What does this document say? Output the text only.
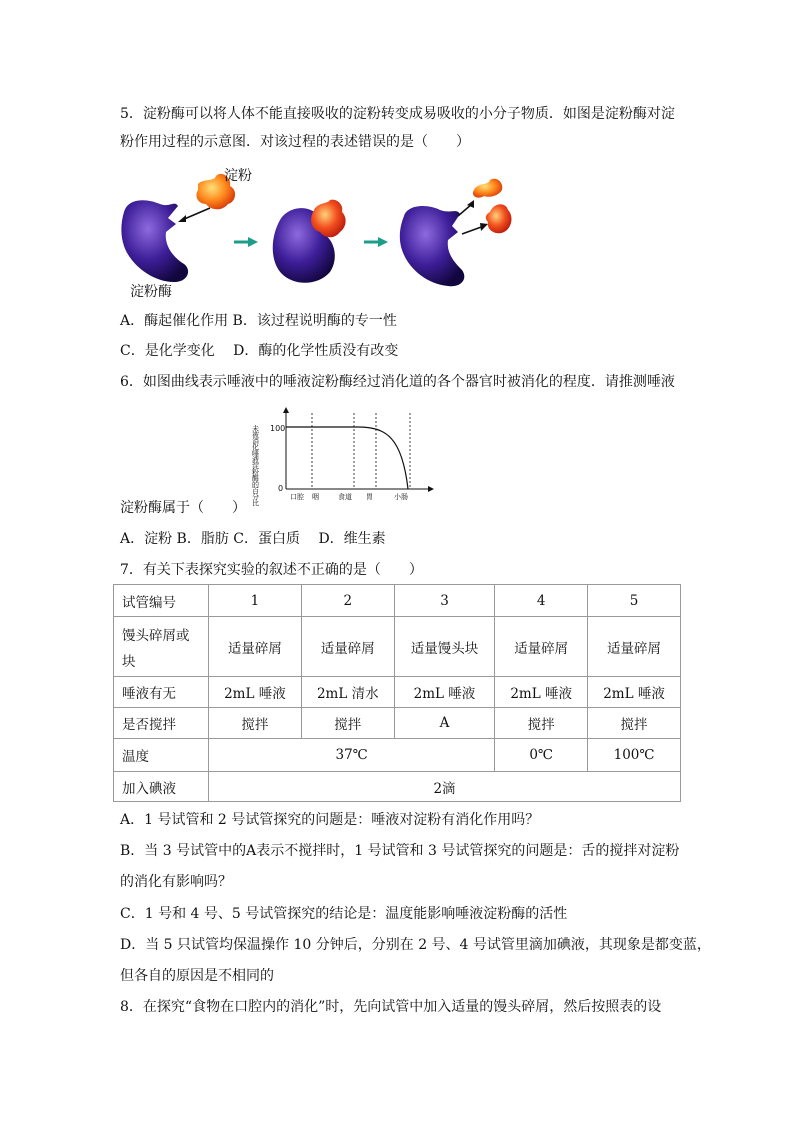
5．淀粉酶可以将人体不能直接吸收的淀粉转变成易吸收的小分子物质．如图是淀粉酶对淀
粉作用过程的示意图．对该过程的表述错误的是（　　）
淀粉
淀粉酶
A．酶起催化作用 B．该过程说明酶的专一性
C．是化学变化　 D．酶的化学性质没有改变
6．如图曲线表示唾液中的唾液淀粉酶经过消化道的各个器官时被消化的程度．请推测唾液
未
被
消
化
唾
液
淀
粉
酶
的
百
分
比
100
0
口腔 咽	食道 胃	小肠
淀粉酶属于（　　）
A．淀粉 B．脂肪 C．蛋白质　 D．维生素
7．有关下表探究实验的叙述不正确的是（　　）
试管编号	1	2	3	4	5

馒头碎屑或
块	适量碎屑	适量碎屑	适量馒头块	适量碎屑	适量碎屑
唾液有无	2mL 唾液	2mL 清水	2mL 唾液	2mL 唾液	2mL 唾液
是否搅拌	搅拌	搅拌	A	搅拌	搅拌
温度	37℃			0℃	100℃
加入碘液	2滴				
A．1 号试管和 2 号试管探究的问题是：唾液对淀粉有消化作用吗？
B．当 3 号试管中的A表示不搅拌时，1 号试管和 3 号试管探究的问题是：舌的搅拌对淀粉
的消化有影响吗？
C．1 号和 4 号、5 号试管探究的结论是：温度能影响唾液淀粉酶的活性
D．当 5 只试管均保温操作 10 分钟后，分别在 2 号、4 号试管里滴加碘液，其现象是都变蓝，
但各自的原因是不相同的
8．在探究“食物在口腔内的消化”时，先向试管中加入适量的馒头碎屑，然后按照表的设
